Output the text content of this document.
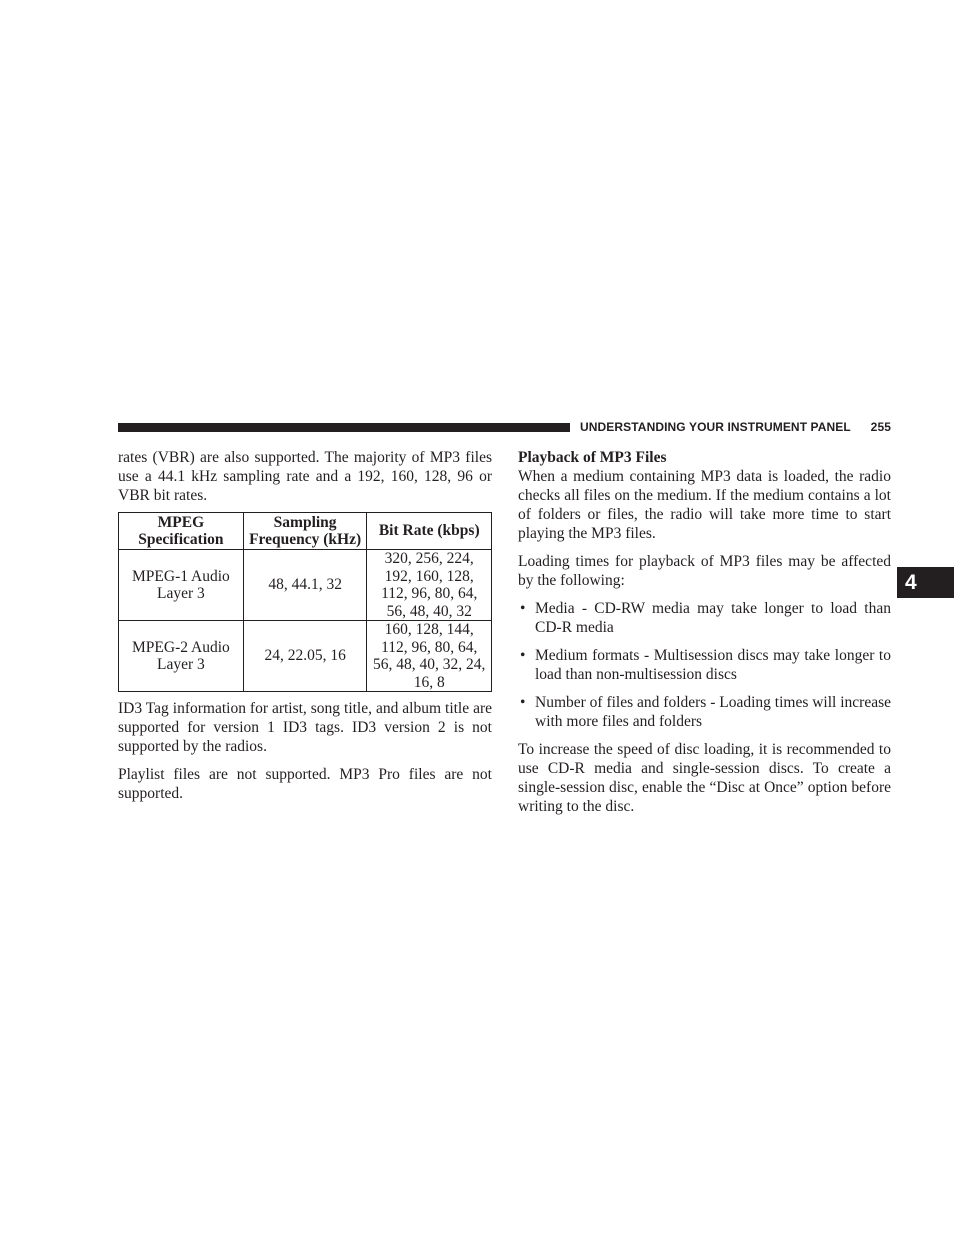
UNDERSTANDING YOUR INSTRUMENT PANEL 255
4

rates (VBR) are also supported. The majority of MP3 files use a 44.1 kHz sampling rate and a 192, 160, 128, 96 or VBR bit rates.

MPEG Specification	Sampling Frequency (kHz)	Bit Rate (kbps)
MPEG-1 Audio Layer 3	48, 44.1, 32	320, 256, 224, 192, 160, 128, 112, 96, 80, 64, 56, 48, 40, 32
MPEG-2 Audio Layer 3	24, 22.05, 16	160, 128, 144, 112, 96, 80, 64, 56, 48, 40, 32, 24, 16, 8

ID3 Tag information for artist, song title, and album title are supported for version 1 ID3 tags. ID3 version 2 is not supported by the radios.

Playlist files are not supported. MP3 Pro files are not supported.

Playback of MP3 Files

When a medium containing MP3 data is loaded, the radio checks all files on the medium. If the medium contains a lot of folders or files, the radio will take more time to start playing the MP3 files.

Loading times for playback of MP3 files may be affected by the following:

• Media - CD-RW media may take longer to load than CD-R media
• Medium formats - Multisession discs may take longer to load than non-multisession discs
• Number of files and folders - Loading times will increase with more files and folders

To increase the speed of disc loading, it is recommended to use CD-R media and single-session discs. To create a single-session disc, enable the “Disc at Once” option before writing to the disc.
